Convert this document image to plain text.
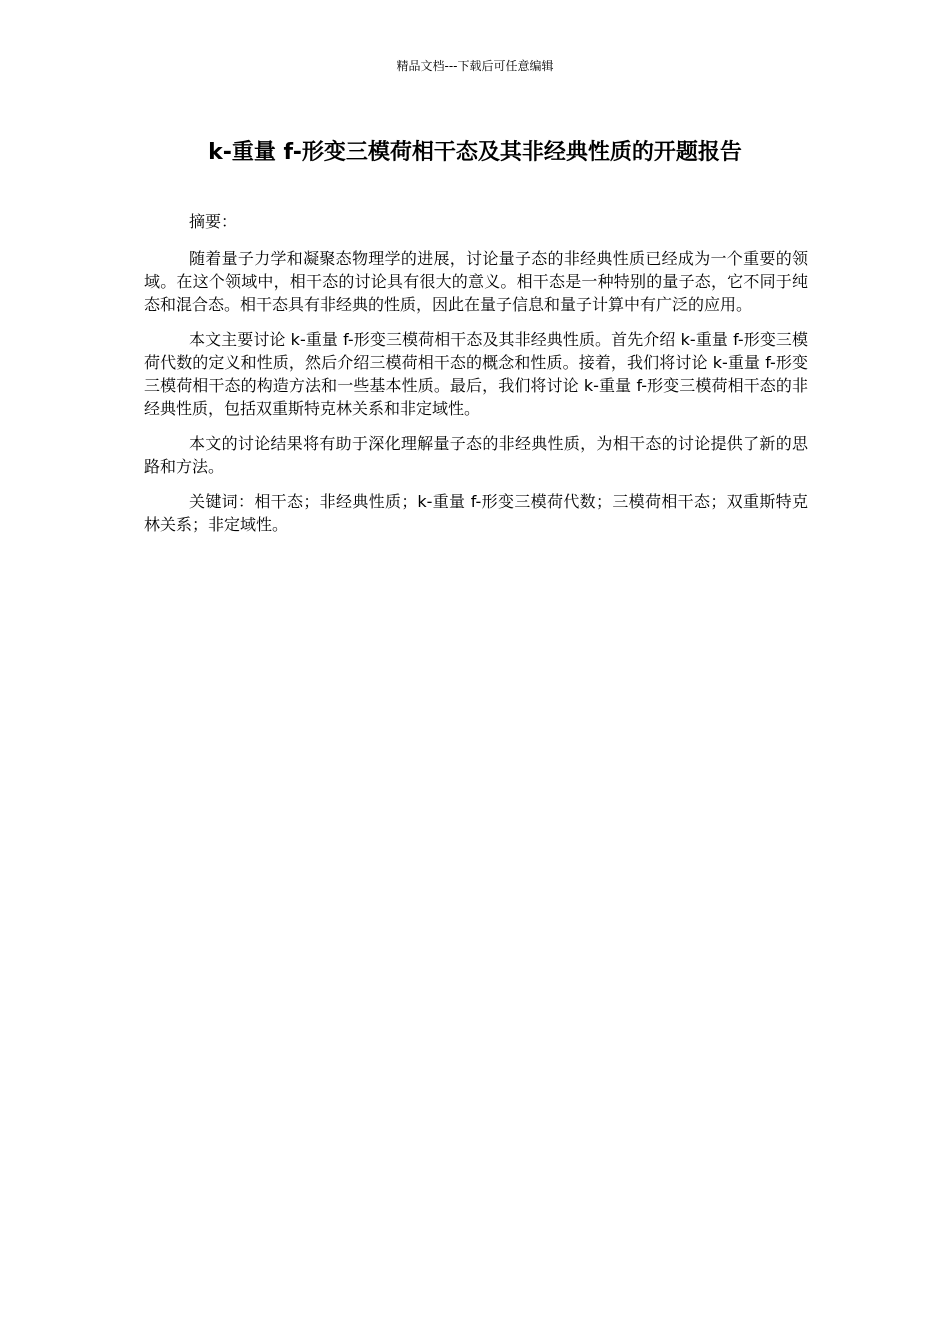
精品文档---下载后可任意编辑
k-重量 f-形变三模荷相干态及其非经典性质的开题报告

摘要：

随着量子力学和凝聚态物理学的进展，讨论量子态的非经典性质已经成为一个重要的领域。在这个领域中，相干态的讨论具有很大的意义。相干态是一种特别的量子态，它不同于纯态和混合态。相干态具有非经典的性质，因此在量子信息和量子计算中有广泛的应用。

本文主要讨论 k-重量 f-形变三模荷相干态及其非经典性质。首先介绍 k-重量 f-形变三模荷代数的定义和性质，然后介绍三模荷相干态的概念和性质。接着，我们将讨论 k-重量 f-形变三模荷相干态的构造方法和一些基本性质。最后，我们将讨论 k-重量 f-形变三模荷相干态的非经典性质，包括双重斯特克林关系和非定域性。

本文的讨论结果将有助于深化理解量子态的非经典性质，为相干态的讨论提供了新的思路和方法。

关键词：相干态；非经典性质；k-重量 f-形变三模荷代数；三模荷相干态；双重斯特克林关系；非定域性。
